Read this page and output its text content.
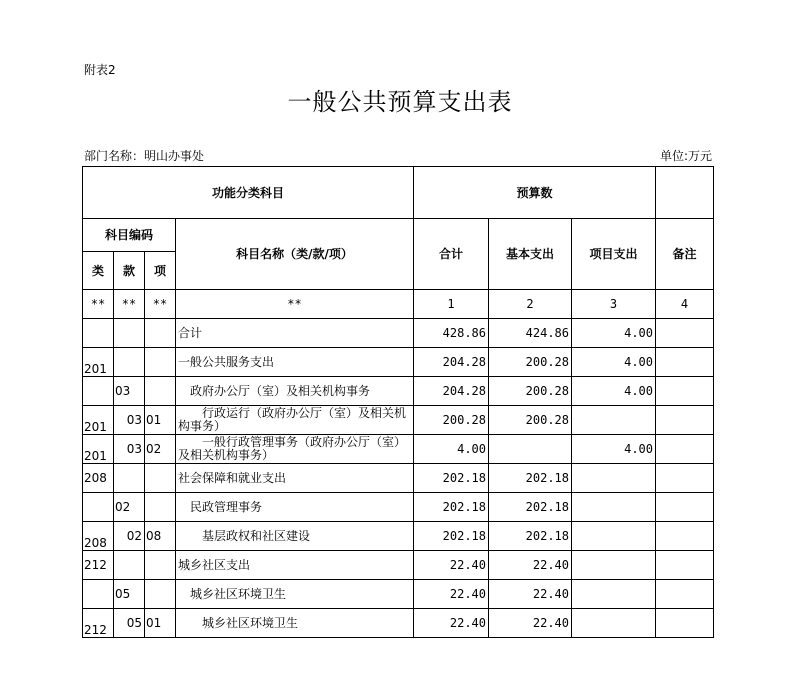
附表2
一般公共预算支出表
部门名称：明山办事处	单位:万元
功能分类科目				预算数			
科目编码			科目名称（类/款/项）	合计	基本支出	项目支出	备注
类	款	项					
**	**	**	**	1	2	3	4
			合计	428.86	424.86	4.00	
201			一般公共服务支出	204.28	200.28	4.00	
	03		政府办公厅（室）及相关机构事务	204.28	200.28	4.00	
201	03	01	行政运行（政府办公厅（室）及相关机构事务）	200.28	200.28		
201	03	02	一般行政管理事务（政府办公厅（室）及相关机构事务）	4.00		4.00	
208			社会保障和就业支出	202.18	202.18		
	02		民政管理事务	202.18	202.18		
208	02	08	基层政权和社区建设	202.18	202.18		
212			城乡社区支出	22.40	22.40		
	05		城乡社区环境卫生	22.40	22.40		
212	05	01	城乡社区环境卫生	22.40	22.40		
